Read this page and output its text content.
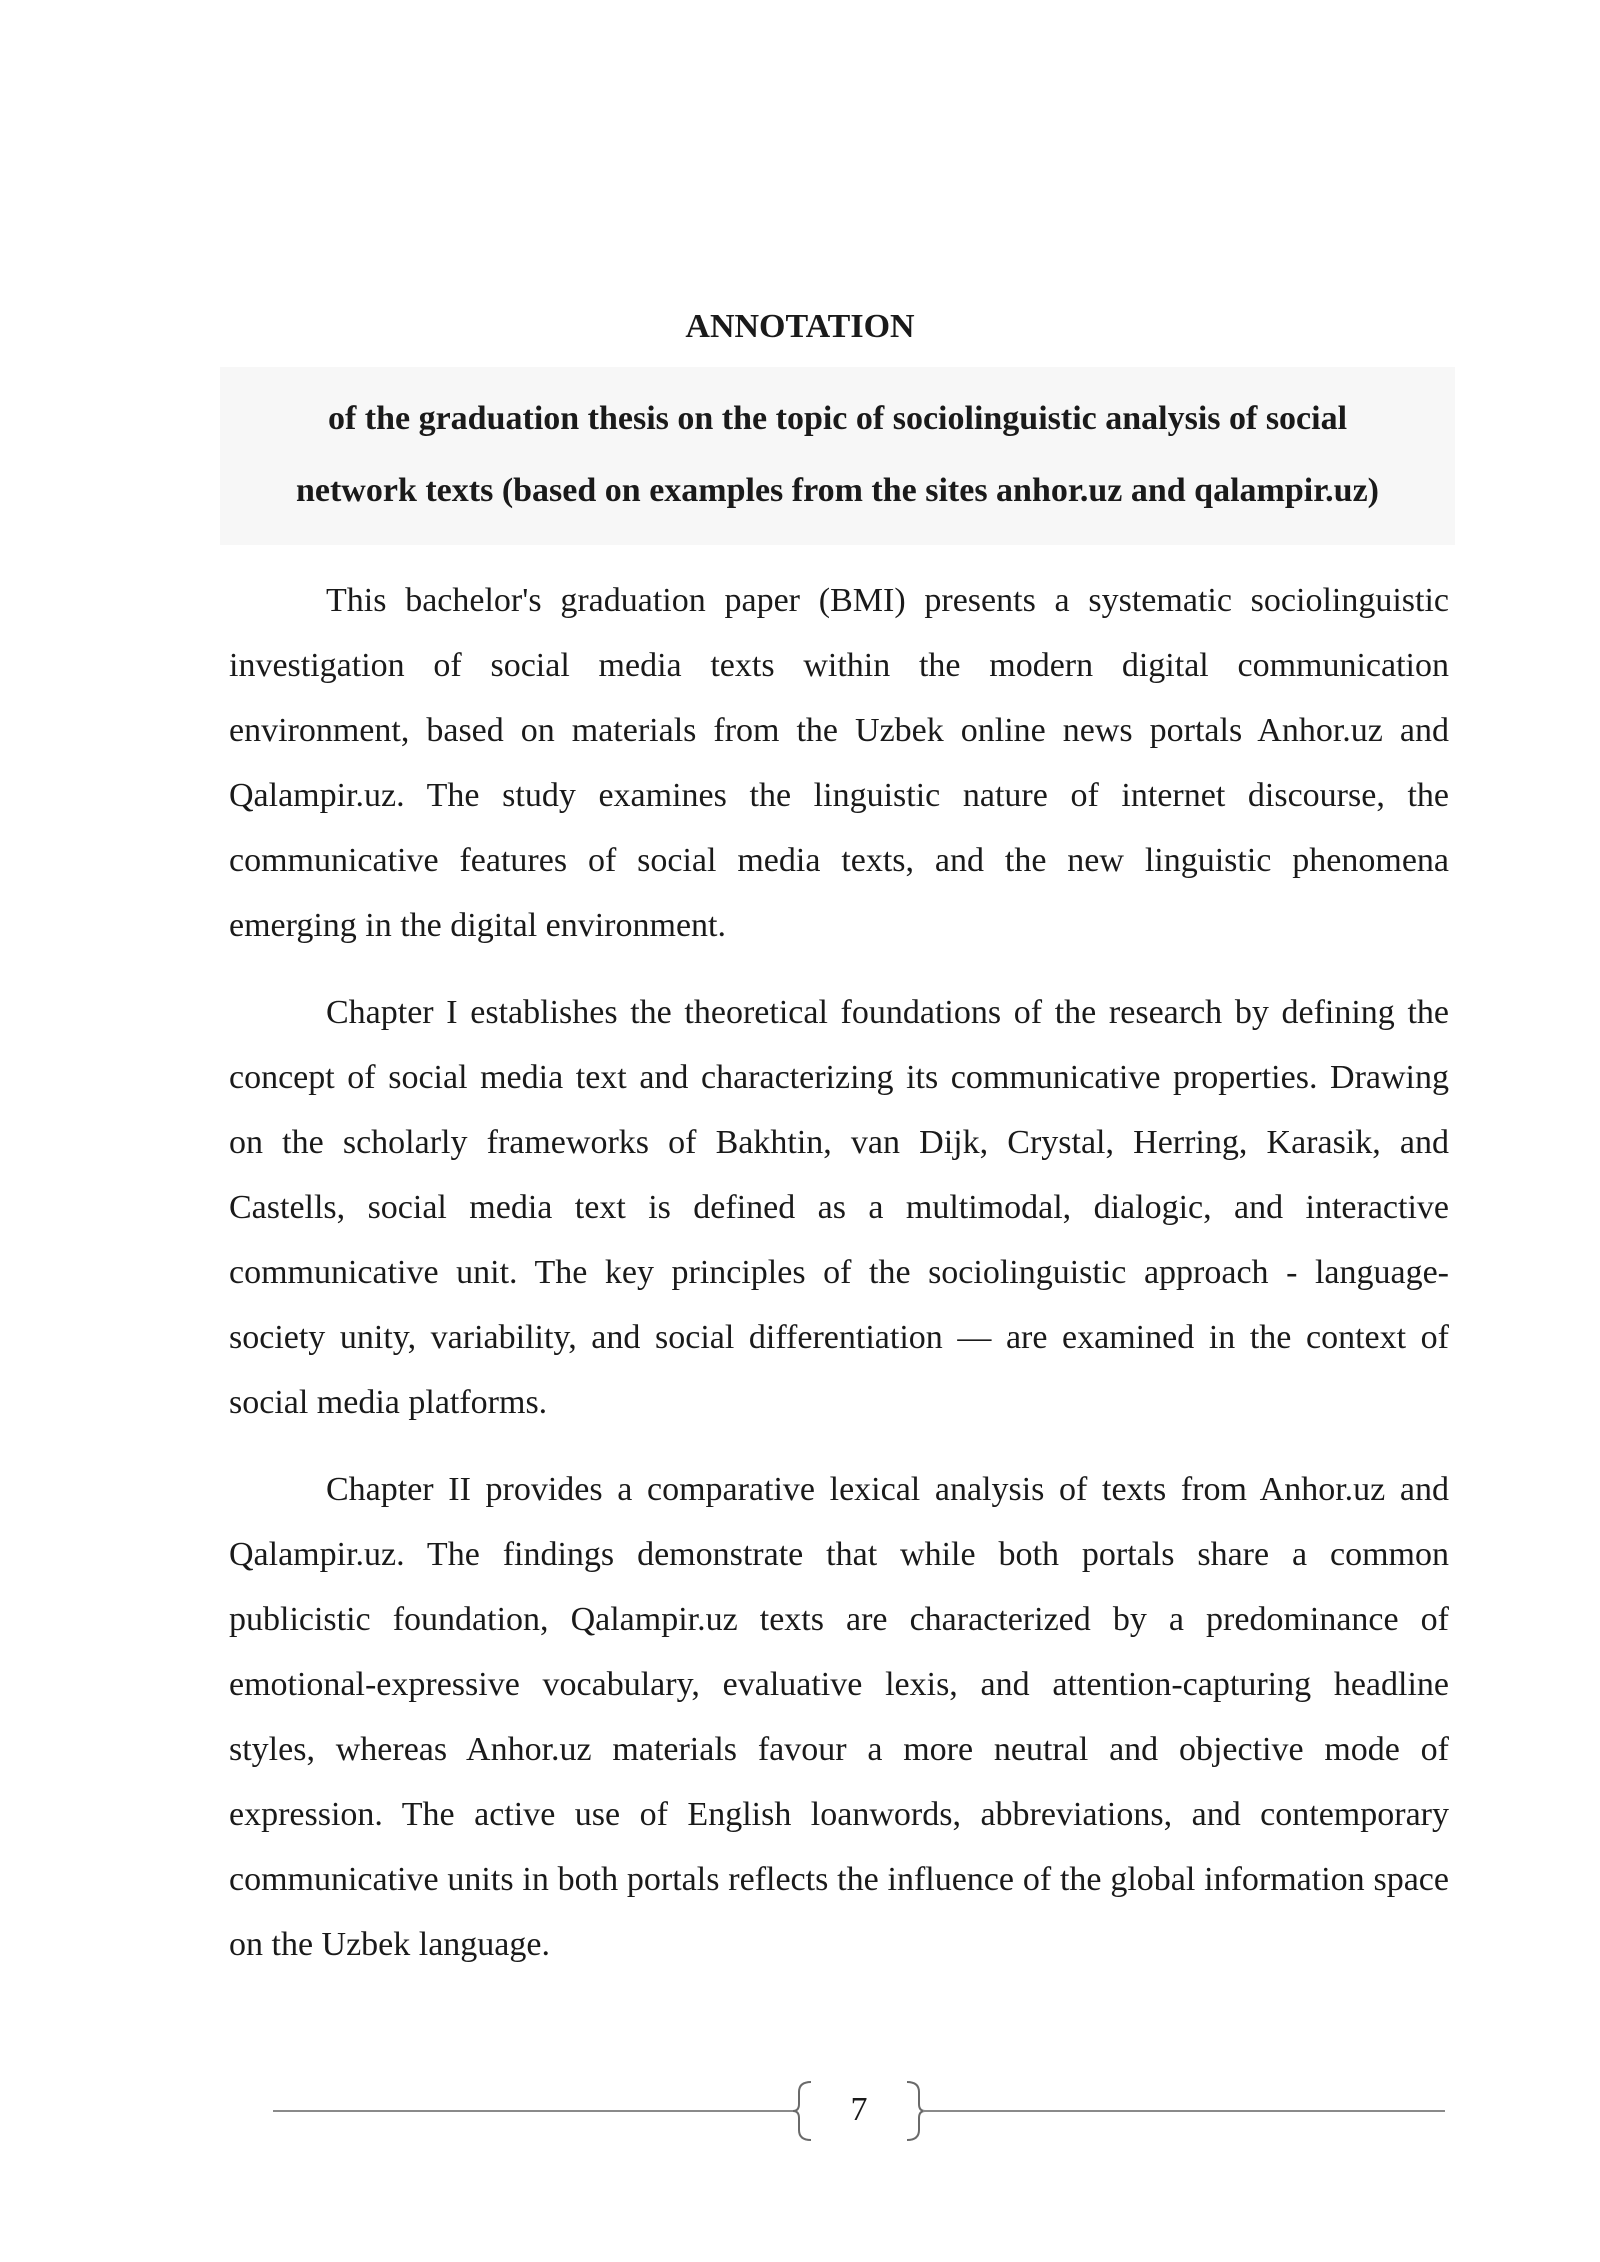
ANNOTATION
of the graduation thesis on the topic of sociolinguistic analysis of social
network texts (based on examples from the sites anhor.uz and qalampir.uz)

This bachelor's graduation paper (BMI) presents a systematic sociolinguistic investigation of social media texts within the modern digital communication environment, based on materials from the Uzbek online news portals Anhor.uz and Qalampir.uz. The study examines the linguistic nature of internet discourse, the communicative features of social media texts, and the new linguistic phenomena emerging in the digital environment.

Chapter I establishes the theoretical foundations of the research by defining the concept of social media text and characterizing its communicative properties. Drawing on the scholarly frameworks of Bakhtin, van Dijk, Crystal, Herring, Karasik, and Castells, social media text is defined as a multimodal, dialogic, and interactive communicative unit. The key principles of the sociolinguistic approach - language-society unity, variability, and social differentiation — are examined in the context of social media platforms.

Chapter II provides a comparative lexical analysis of texts from Anhor.uz and Qalampir.uz. The findings demonstrate that while both portals share a common publicistic foundation, Qalampir.uz texts are characterized by a predominance of emotional-expressive vocabulary, evaluative lexis, and attention-capturing headline styles, whereas Anhor.uz materials favour a more neutral and objective mode of expression. The active use of English loanwords, abbreviations, and contemporary communicative units in both portals reflects the influence of the global information space on the Uzbek language.

7
